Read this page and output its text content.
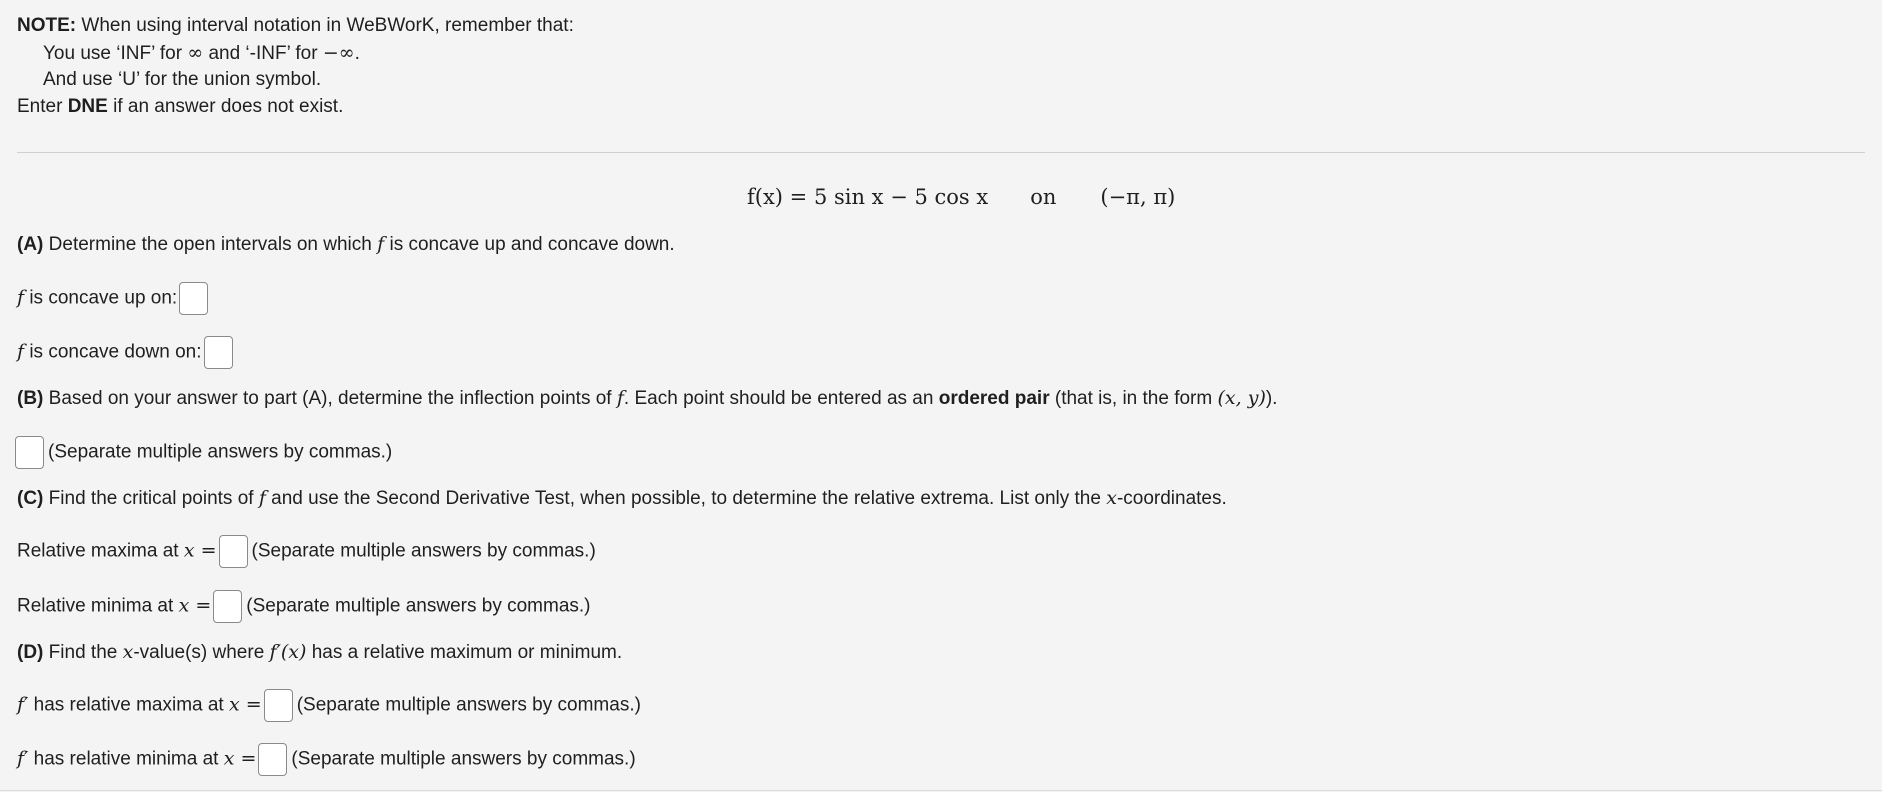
NOTE: When using interval notation in WeBWorK, remember that:
You use ‘INF’ for ∞ and ‘-INF’ for −∞.
And use ‘U’ for the union symbol.
Enter DNE if an answer does not exist.
f(x) = 5 sin x − 5 cos x on (−π, π)
(A) Determine the open intervals on which f is concave up and concave down.
f is concave up on:
f is concave down on:
(B) Based on your answer to part (A), determine the inflection points of f. Each point should be entered as an ordered pair (that is, in the form (x, y)).
(Separate multiple answers by commas.)
(C) Find the critical points of f and use the Second Derivative Test, when possible, to determine the relative extrema. List only the x-coordinates.
Relative maxima at x = (Separate multiple answers by commas.)
Relative minima at x = (Separate multiple answers by commas.)
(D) Find the x-value(s) where f′(x) has a relative maximum or minimum.
f′ has relative maxima at x = (Separate multiple answers by commas.)
f′ has relative minima at x = (Separate multiple answers by commas.)
